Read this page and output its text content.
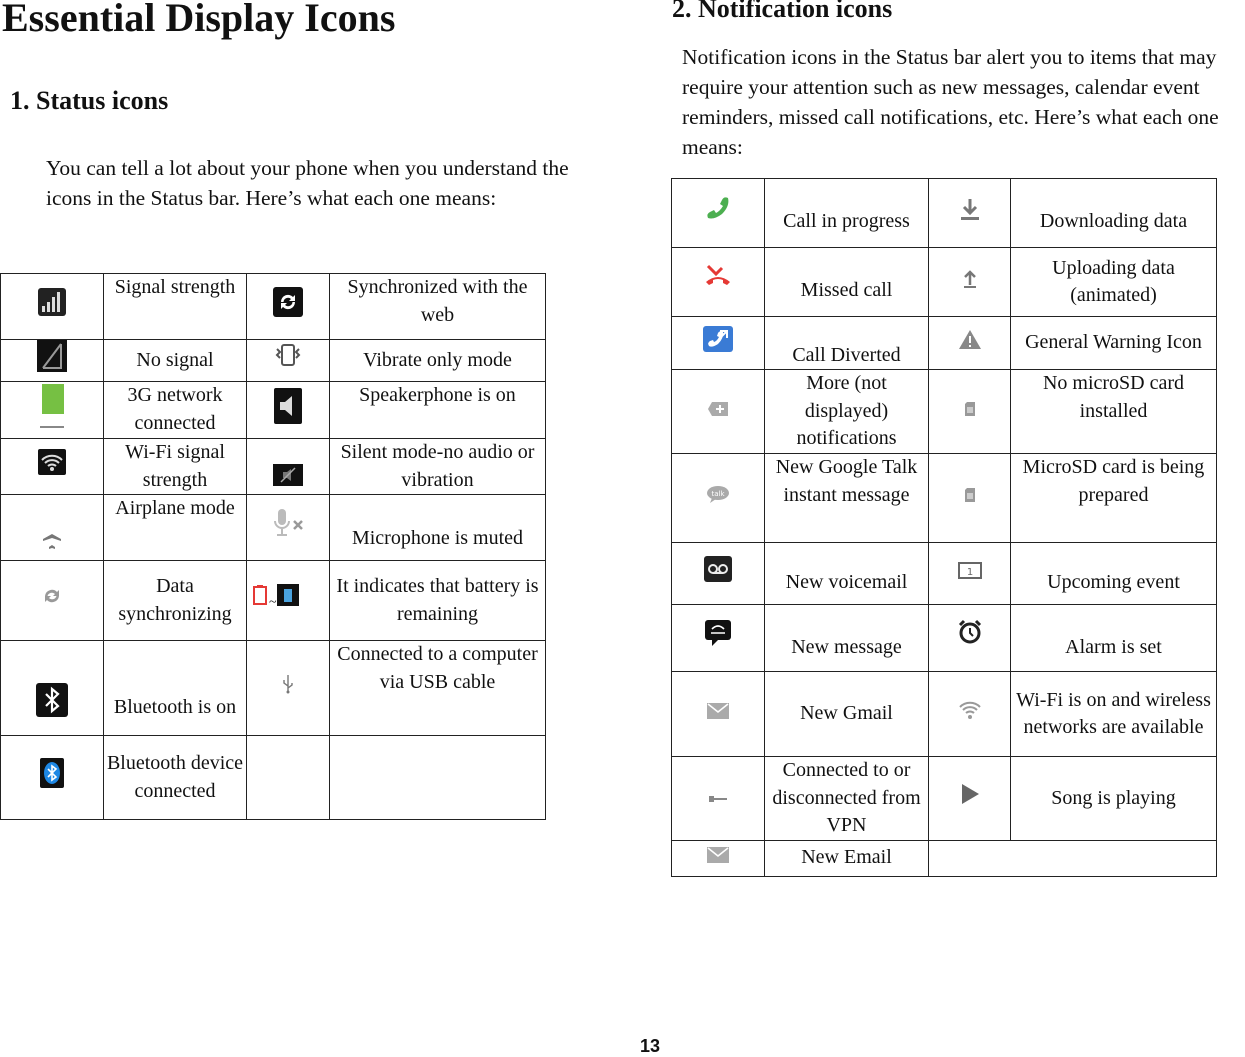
Essential Display Icons
1. Status icons

You can tell a lot about your phone when you understand the icons in the Status bar. Here’s what each one means:

2. Notification icons

Notification icons in the Status bar alert you to items that may require your attention such as new messages, calendar event reminders, missed call notifications, etc. Here’s what each one means:

	Signal strength		Synchronized with the web
	No signal		Vibrate only mode
	3G network connected		Speakerphone is on
	Wi-Fi signal strength		Silent mode-no audio or vibration
	Airplane mode		Microphone is muted
	Data synchronizing	~	It indicates that battery is remaining
	Bluetooth is on		Connected to a computer via USB cable
	Bluetooth device connected		
	Call in progress		Downloading data
	Missed call		Uploading data (animated)
	Call Diverted		General Warning Icon
	More (not displayed) notifications		No microSD card installed

talk	New Google Talk instant message		MicroSD card is being prepared
	New voicemail	1	Upcoming event
	New message		Alarm is set
	New Gmail		Wi-Fi is on and wireless networks are available
	Connected to or disconnected from VPN		Song is playing
	New Email		
13
